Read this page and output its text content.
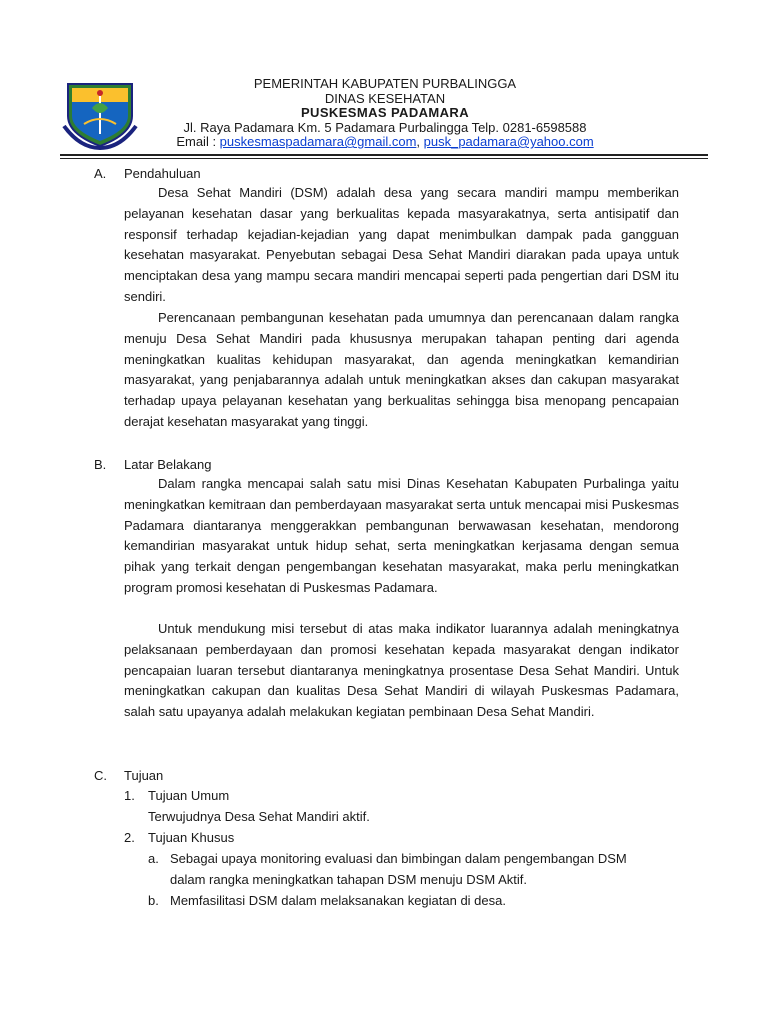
PEMERINTAH KABUPATEN PURBALINGGA
DINAS KESEHATAN
PUSKESMAS PADAMARA
Jl. Raya Padamara Km. 5 Padamara Purbalingga Telp. 0281-6598588
Email : puskesmaspadamara@gmail.com, pusk_padamara@yahoo.com
A. Pendahuluan
Desa Sehat Mandiri (DSM) adalah desa yang secara mandiri mampu memberikan pelayanan kesehatan dasar yang berkualitas kepada masyarakatnya, serta antisipatif dan responsif terhadap kejadian-kejadian yang dapat menimbulkan dampak pada gangguan kesehatan masyarakat. Penyebutan sebagai Desa Sehat Mandiri diarakan pada upaya untuk menciptakan desa yang mampu secara mandiri mencapai seperti pada pengertian dari DSM itu sendiri.
Perencanaan pembangunan kesehatan pada umumnya dan perencanaan dalam rangka menuju Desa Sehat Mandiri pada khususnya merupakan tahapan penting dari agenda meningkatkan kualitas kehidupan masyarakat, dan agenda meningkatkan kemandirian masyarakat, yang penjabarannya adalah untuk meningkatkan akses dan cakupan masyarakat terhadap upaya pelayanan kesehatan yang berkualitas sehingga bisa menopang pencapaian derajat kesehatan masyarakat yang tinggi.
B. Latar Belakang
Dalam rangka mencapai salah satu misi Dinas Kesehatan Kabupaten Purbalinga yaitu meningkatkan kemitraan dan pemberdayaan masyarakat serta untuk mencapai misi Puskesmas Padamara diantaranya menggerakkan pembangunan berwawasan kesehatan, mendorong kemandirian masyarakat untuk hidup sehat, serta meningkatkan kerjasama dengan semua pihak yang terkait dengan pengembangan kesehatan masyarakat, maka perlu meningkatkan program promosi kesehatan di Puskesmas Padamara.
Untuk mendukung misi tersebut di atas maka indikator luarannya adalah meningkatnya pelaksanaan pemberdayaan dan promosi kesehatan kepada masyarakat dengan indikator pencapaian luaran tersebut diantaranya meningkatnya prosentase Desa Sehat Mandiri. Untuk meningkatkan cakupan dan kualitas Desa Sehat Mandiri di wilayah Puskesmas Padamara, salah satu upayanya adalah melakukan kegiatan pembinaan Desa Sehat Mandiri.
C. Tujuan
1. Tujuan Umum
Terwujudnya Desa Sehat Mandiri aktif.
2. Tujuan Khusus
a. Sebagai upaya monitoring evaluasi dan bimbingan dalam pengembangan DSM
dalam rangka meningkatkan tahapan DSM menuju DSM Aktif.
b. Memfasilitasi DSM dalam melaksanakan kegiatan di desa.
